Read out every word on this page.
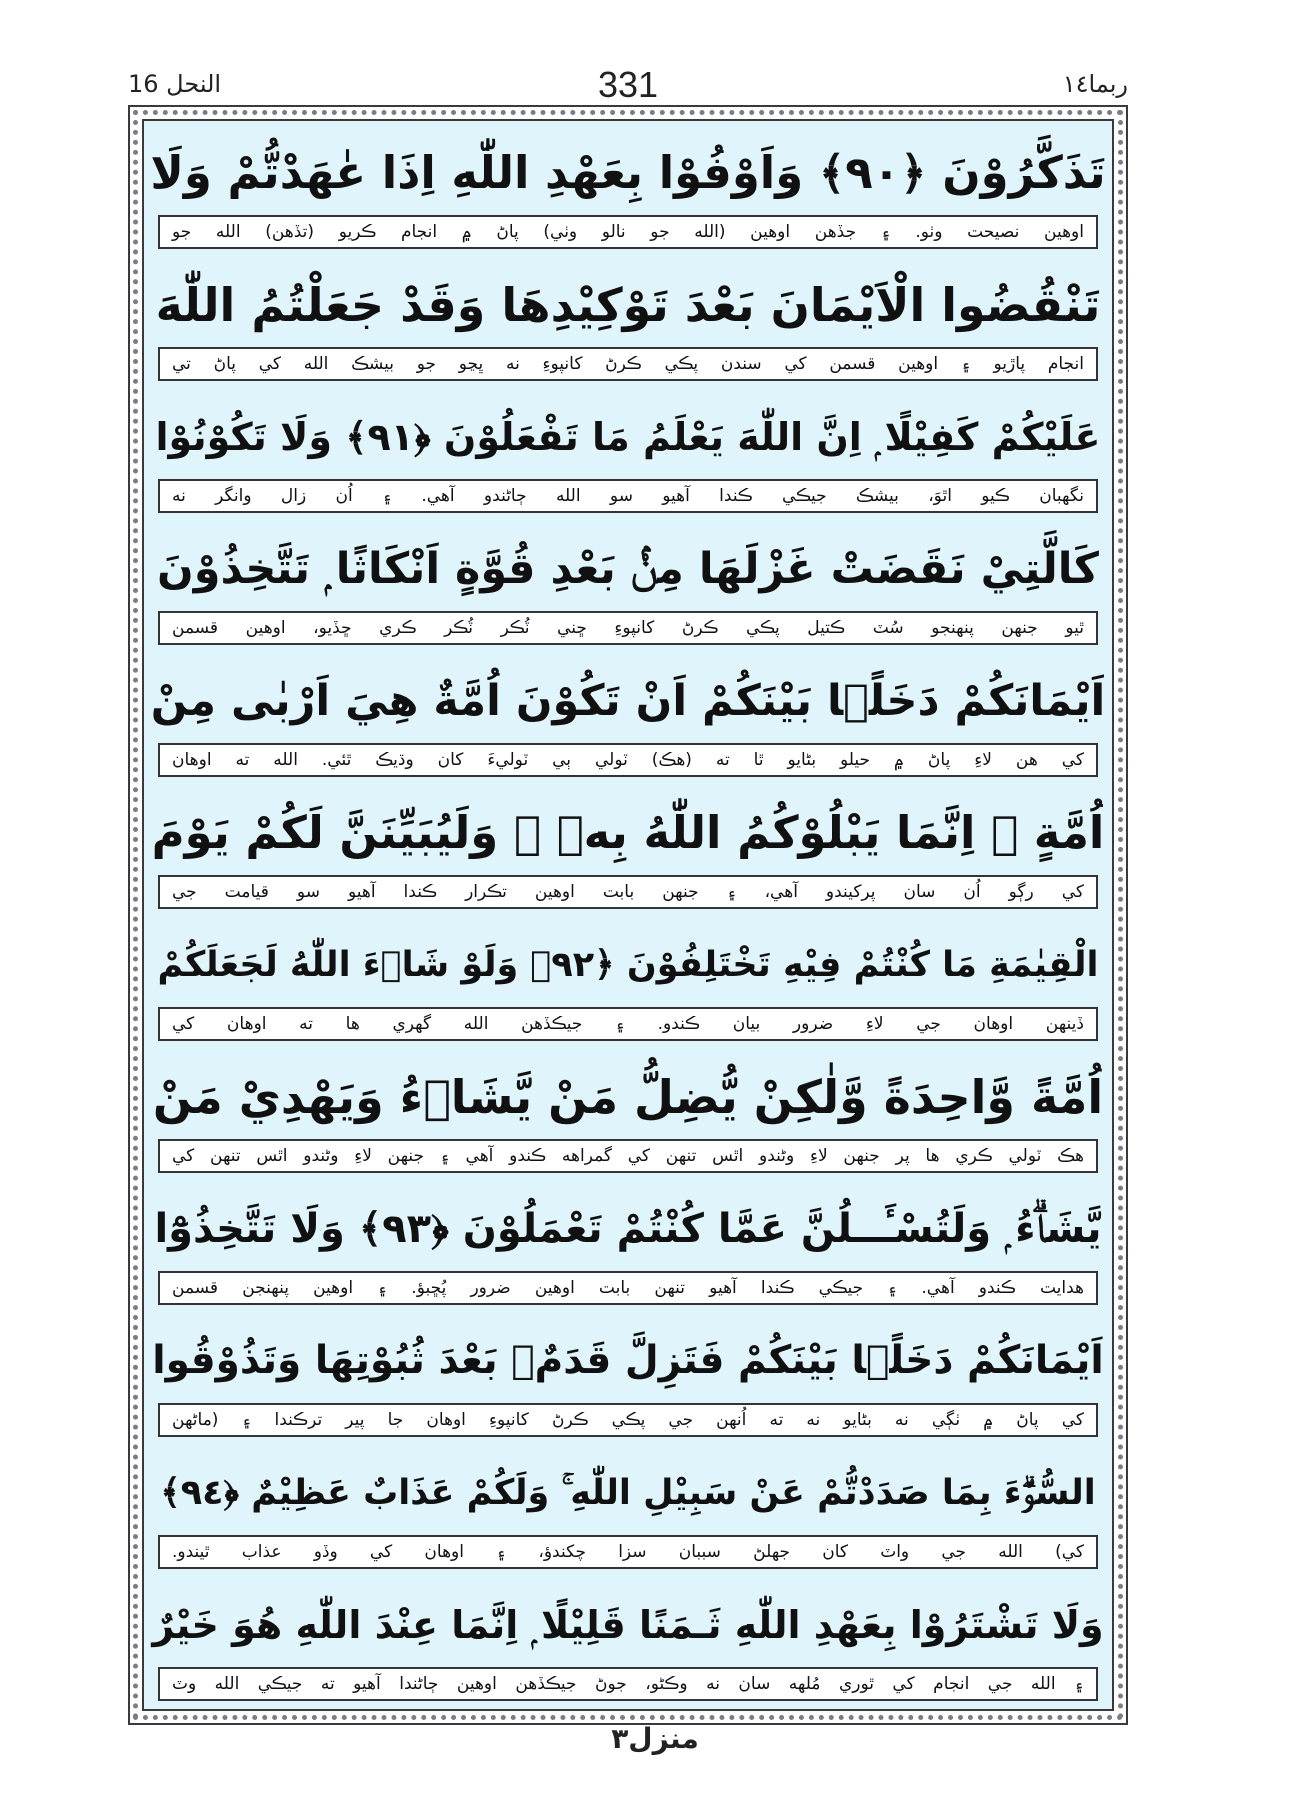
النحل 16	331	ربما١٤
تَذَكَّرُوْنَ ﴿٩٠﴾ وَاَوْفُوْا بِعَهْدِ اللّٰهِ اِذَا عٰهَدْتُّمْ وَلَا
اوهين نصيحت وٺو. ۽ جڏهن اوهين (الله جو نالو وٺي) پاڻ ۾ انجام ڪريو (تڏهن) الله جو
تَنْقُضُوا الْاَيْمَانَ بَعْدَ تَوْكِيْدِهَا وَقَدْ جَعَلْتُمُ اللّٰهَ
انجام پاڙيو ۽ اوهين قسمن کي سندن پڪي ڪرڻ کانپوءِ نه ڀڃو جو بيشڪ الله کي پاڻ تي
عَلَيْكُمْ كَفِيْلًا ۭ اِنَّ اللّٰهَ يَعْلَمُ مَا تَفْعَلُوْنَ ﴿٩١﴾ وَلَا تَكُوْنُوْا
نگهبان ڪيو اٿوَ، بيشڪ جيڪي ڪندا آهيو سو الله ڄاڻندو آهي. ۽ اُن زال وانگر نه
كَالَّتِيْ نَقَضَتْ غَزْلَهَا مِنْۢ بَعْدِ قُوَّةٍ اَنْكَاثًا ۭ تَتَّخِذُوْنَ
ٿيو جنهن پنهنجو سُٽ ڪتيل پڪي ڪرڻ کانپوءِ ڇني ٽُڪر ٽُڪر ڪري ڇڏيو، اوهين قسمن
اَيْمَانَكُمْ دَخَلًۢا بَيْنَكُمْ اَنْ تَكُوْنَ اُمَّةٌ هِيَ اَرْبٰى مِنْ
کي هن لاءِ پاڻ ۾ حيلو بڻايو ٿا ته (هڪ) ٽولي ٻي ٽوليءَ کان وڌيڪ ٿئي. الله ته اوهان
اُمَّةٍ ۭ اِنَّمَا يَبْلُوْكُمُ اللّٰهُ بِهٖ ۭ وَلَيُبَيِّنَنَّ لَكُمْ يَوْمَ
کي رڳو اُن سان پرکيندو آهي، ۽ جنهن بابت اوهين تڪرار ڪندا آهيو سو قيامت جي
الْقِيٰمَةِ مَا كُنْتُمْ فِيْهِ تَخْتَلِفُوْنَ ﴿٩٢﴾ وَلَوْ شَاۗءَ اللّٰهُ لَجَعَلَكُمْ
ڏينهن اوهان جي لاءِ ضرور بيان ڪندو. ۽ جيڪڏهن الله گهري ها ته اوهان کي
اُمَّةً وَّاحِدَةً وَّلٰكِنْ يُّضِلُّ مَنْ يَّشَاۗءُ وَيَهْدِيْ مَنْ
هڪ ٽولي ڪري ها پر جنهن لاءِ وڻندو اٿس تنهن کي گمراهه ڪندو آهي ۽ جنهن لاءِ وڻندو اٿس تنهن کي
يَّشَاۗءُ ۭ وَلَتُسْـَٔــلُنَّ عَمَّا كُنْتُمْ تَعْمَلُوْنَ ﴿٩٣﴾ وَلَا تَتَّخِذُوْٓا
هدايت ڪندو آهي. ۽ جيڪي ڪندا آهيو تنهن بابت اوهين ضرور پُڇبؤ. ۽ اوهين پنهنجن قسمن
اَيْمَانَكُمْ دَخَلًۢا بَيْنَكُمْ فَتَزِلَّ قَدَمٌۢ بَعْدَ ثُبُوْتِهَا وَتَذُوْقُوا
کي پاڻ ۾ ٺڳي نه بڻايو نه ته اُنهن جي پڪي ڪرڻ کانپوءِ اوهان جا پير ترڪندا ۽ (ماڻهن
السُّوْۗءَ بِمَا صَدَدْتُّمْ عَنْ سَبِيْلِ اللّٰهِ ۚ وَلَكُمْ عَذَابٌ عَظِيْمٌ ﴿٩٤﴾
کي) الله جي واٽ کان جهلڻ سببان سزا چکندؤ، ۽ اوهان کي وڏو عذاب ٿيندو.
وَلَا تَشْتَرُوْا بِعَهْدِ اللّٰهِ ثَـمَنًا قَلِيْلًا ۭ اِنَّمَا عِنْدَ اللّٰهِ هُوَ خَيْرٌ
۽ الله جي انجام کي ٿوري مُلهه سان نه وڪڻو، جوڻ جيڪڏهن اوهين ڄاڻندا آهيو ته جيڪي الله وٽ
منزل٣
